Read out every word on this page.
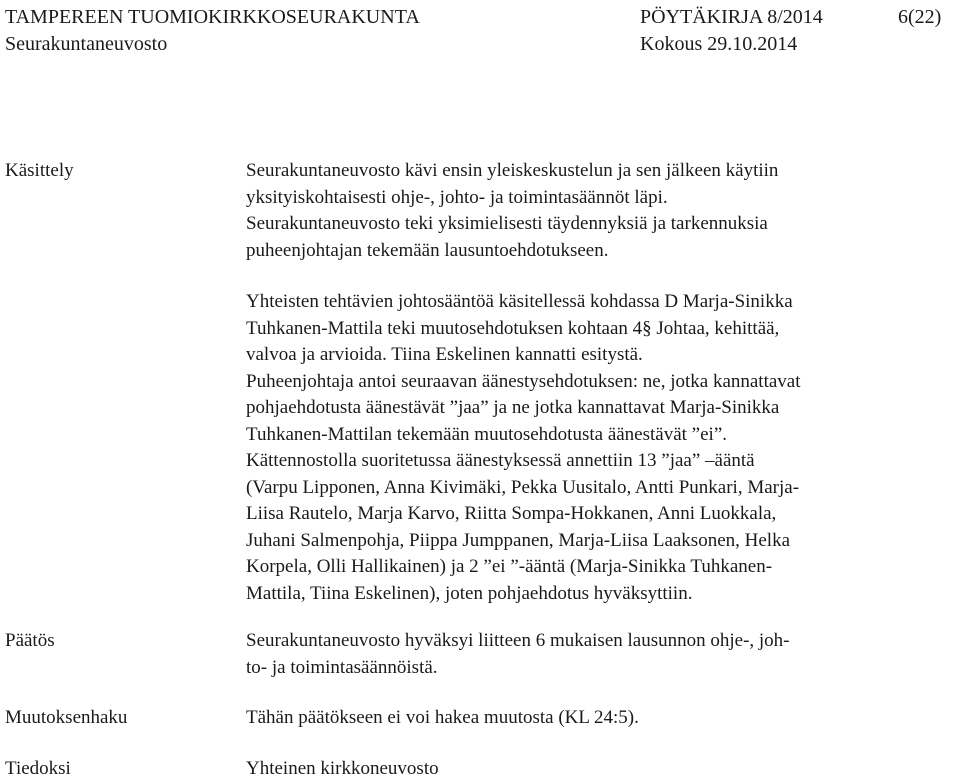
TAMPEREEN TUOMIOKIRKKOSEURAKUNTA	PÖYTÄKIRJA 8/2014	6(22)
Seurakuntaneuvosto	Kokous 29.10.2014
Käsittely	Seurakuntaneuvosto kävi ensin yleiskeskustelun ja sen jälkeen käytiin
yksityiskohtaisesti ohje-, johto- ja toimintasäännöt läpi.
Seurakuntaneuvosto teki yksimielisesti täydennyksiä ja tarkennuksia
puheenjohtajan tekemään lausuntoehdotukseen.
Yhteisten tehtävien johtosääntöä käsitellessä kohdassa D Marja-Sinikka
Tuhkanen-Mattila teki muutosehdotuksen kohtaan 4§ Johtaa, kehittää,
valvoa ja arvioida. Tiina Eskelinen kannatti esitystä.
Puheenjohtaja antoi seuraavan äänestysehdotuksen: ne, jotka kannattavat
pohjaehdotusta äänestävät ”jaa” ja ne jotka kannattavat Marja-Sinikka
Tuhkanen-Mattilan tekemään muutosehdotusta äänestävät ”ei”.
Kättennostolla suoritetussa äänestyksessä annettiin 13 ”jaa” –ääntä
(Varpu Lipponen, Anna Kivimäki, Pekka Uusitalo, Antti Punkari, Marja-
Liisa Rautelo, Marja Karvo, Riitta Sompa-Hokkanen, Anni Luokkala,
Juhani Salmenpohja, Piippa Jumppanen, Marja-Liisa Laaksonen, Helka
Korpela, Olli Hallikainen) ja 2 ”ei ”-ääntä (Marja-Sinikka Tuhkanen-
Mattila, Tiina Eskelinen), joten pohjaehdotus hyväksyttiin.
Päätös	Seurakuntaneuvosto hyväksyi liitteen 6 mukaisen lausunnon ohje-, joh-
to- ja toimintasäännöistä.
Muutoksenhaku	Tähän päätökseen ei voi hakea muutosta (KL 24:5).
Tiedoksi	Yhteinen kirkkoneuvosto
